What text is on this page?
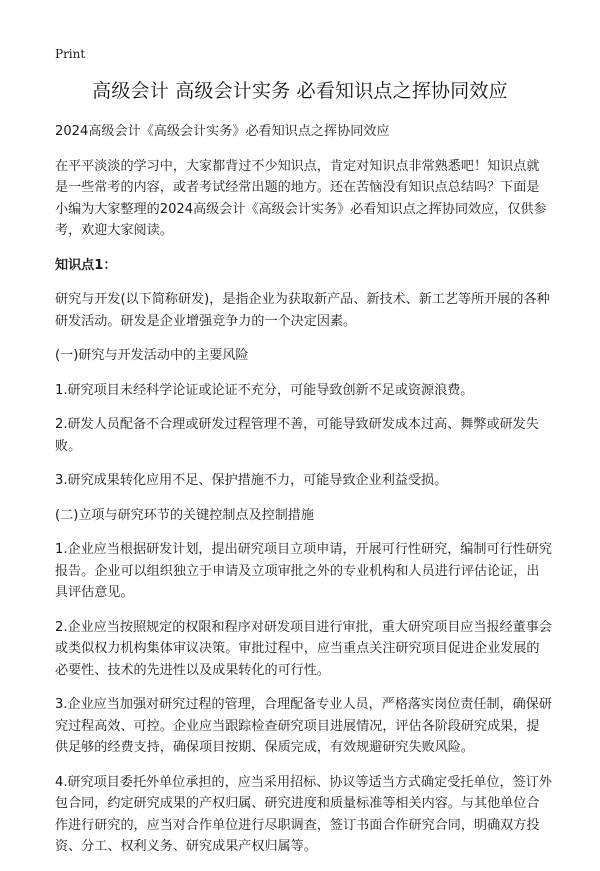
Print
高级会计 高级会计实务 必看知识点之挥协同效应

2024高级会计《高级会计实务》必看知识点之挥协同效应

在平平淡淡的学习中，大家都背过不少知识点，肯定对知识点非常熟悉吧！知识点就是一些常考的内容，或者考试经常出题的地方。还在苦恼没有知识点总结吗？下面是小编为大家整理的2024高级会计《高级会计实务》必看知识点之挥协同效应，仅供参考，欢迎大家阅读。

知识点1：

研究与开发(以下简称研发)，是指企业为获取新产品、新技术、新工艺等所开展的各种研发活动。研发是企业增强竞争力的一个决定因素。

(一)研究与开发活动中的主要风险

1.研究项目未经科学论证或论证不充分，可能导致创新不足或资源浪费。

2.研发人员配备不合理或研发过程管理不善，可能导致研发成本过高、舞弊或研发失败。

3.研究成果转化应用不足、保护措施不力，可能导致企业利益受损。

(二)立项与研究环节的关键控制点及控制措施

1.企业应当根据研发计划，提出研究项目立项申请，开展可行性研究，编制可行性研究报告。企业可以组织独立于申请及立项审批之外的专业机构和人员进行评估论证，出具评估意见。

2.企业应当按照规定的权限和程序对研发项目进行审批，重大研究项目应当报经董事会或类似权力机构集体审议决策。审批过程中，应当重点关注研究项目促进企业发展的必要性、技术的先进性以及成果转化的可行性。

3.企业应当加强对研究过程的管理，合理配备专业人员，严格落实岗位责任制，确保研究过程高效、可控。企业应当跟踪检查研究项目进展情况，评估各阶段研究成果，提供足够的经费支持，确保项目按期、保质完成，有效规避研究失败风险。

4.研究项目委托外单位承担的，应当采用招标、协议等适当方式确定受托单位，签订外包合同，约定研究成果的产权归属、研究进度和质量标准等相关内容。与其他单位合作进行研究的，应当对合作单位进行尽职调查，签订书面合作研究合同，明确双方投资、分工、权利义务、研究成果产权归属等。
